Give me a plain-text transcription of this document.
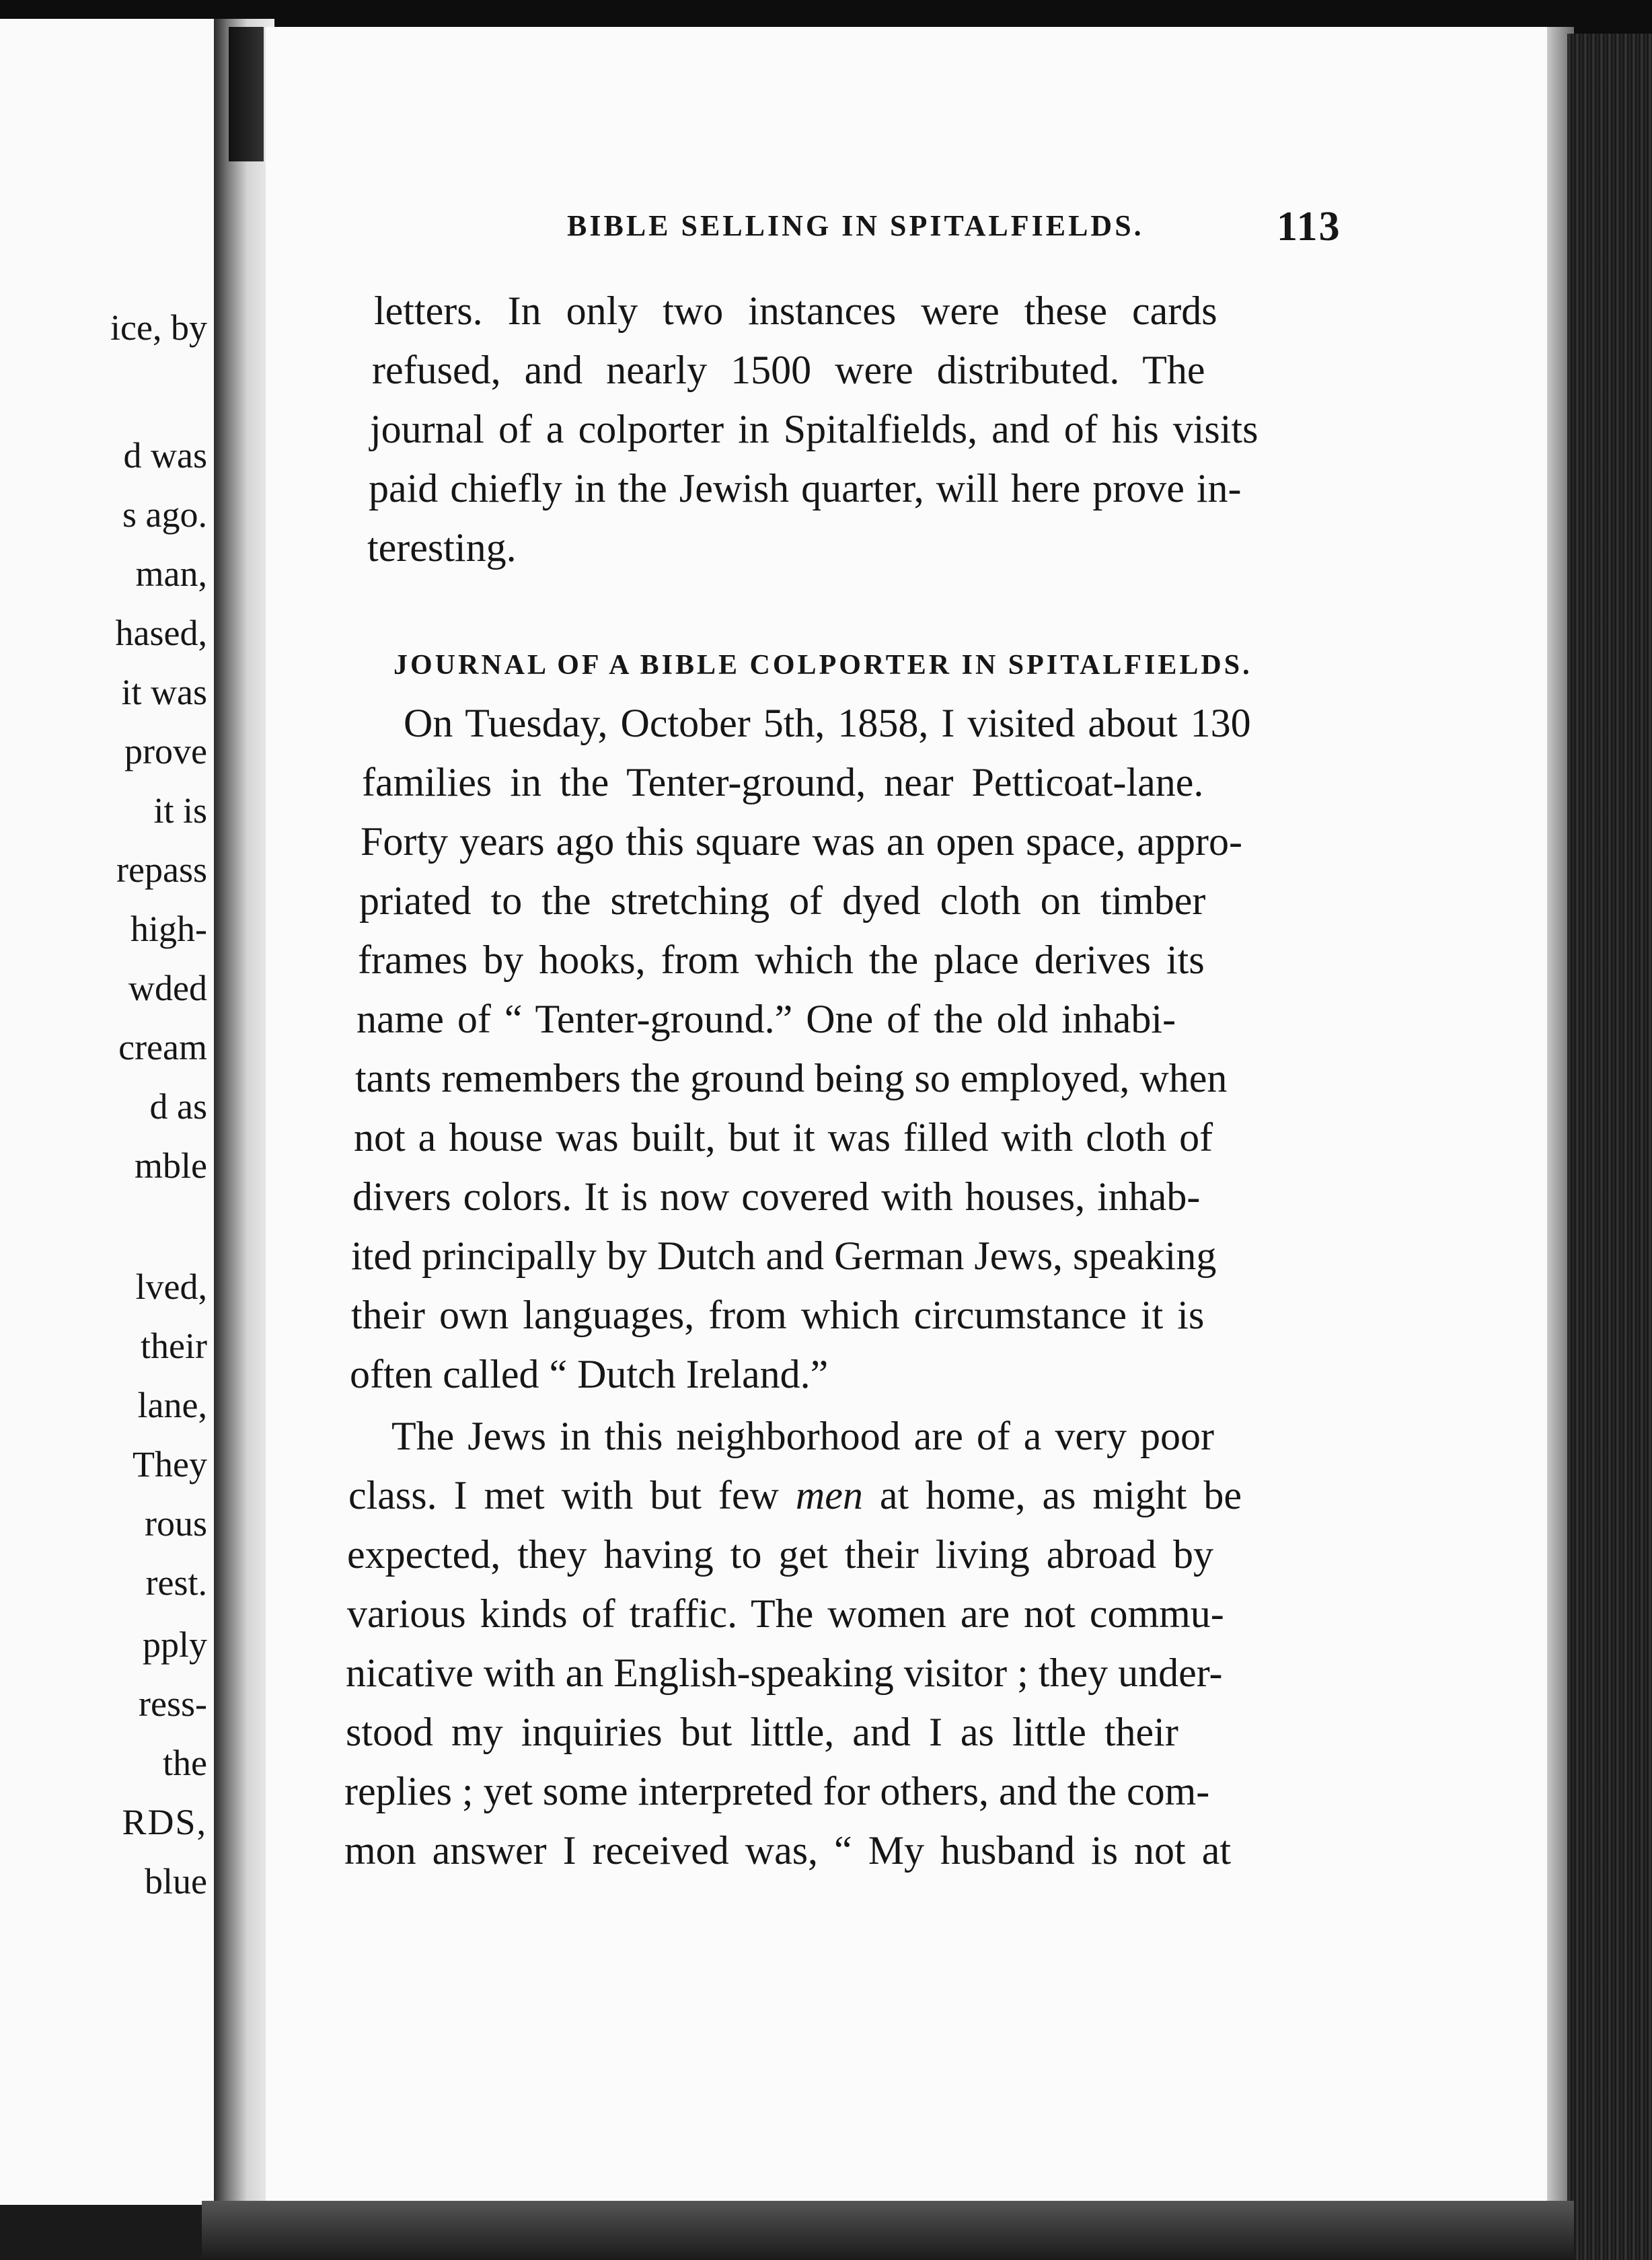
ice, by
d was
s ago.
man,
hased,
it was
prove
it is
repass
high-
wded
cream
d as
mble
lved,
their
lane,
They
rous
rest.
pply
ress-
the
RDS,
blue
BIBLE SELLING IN SPITALFIELDS.	113
letters. In only two instances were these cards
refused, and nearly 1500 were distributed. The
journal of a colporter in Spitalfields, and of his visits
paid chiefly in the Jewish quarter, will here prove in-
teresting.
JOURNAL OF A BIBLE COLPORTER IN SPITALFIELDS.
On Tuesday, October 5th, 1858, I visited about 130
families in the Tenter-ground, near Petticoat-lane.
Forty years ago this square was an open space, appro-
priated to the stretching of dyed cloth on timber
frames by hooks, from which the place derives its
name of “ Tenter-ground.” One of the old inhabi-
tants remembers the ground being so employed, when
not a house was built, but it was filled with cloth of
divers colors. It is now covered with houses, inhab-
ited principally by Dutch and German Jews, speaking
their own languages, from which circumstance it is
often called “ Dutch Ireland.”
The Jews in this neighborhood are of a very poor
class. I met with but few men at home, as might be
expected, they having to get their living abroad by
various kinds of traffic. The women are not commu-
nicative with an English-speaking visitor ; they under-
stood my inquiries but little, and I as little their
replies ; yet some interpreted for others, and the com-
mon answer I received was, “ My husband is not at
